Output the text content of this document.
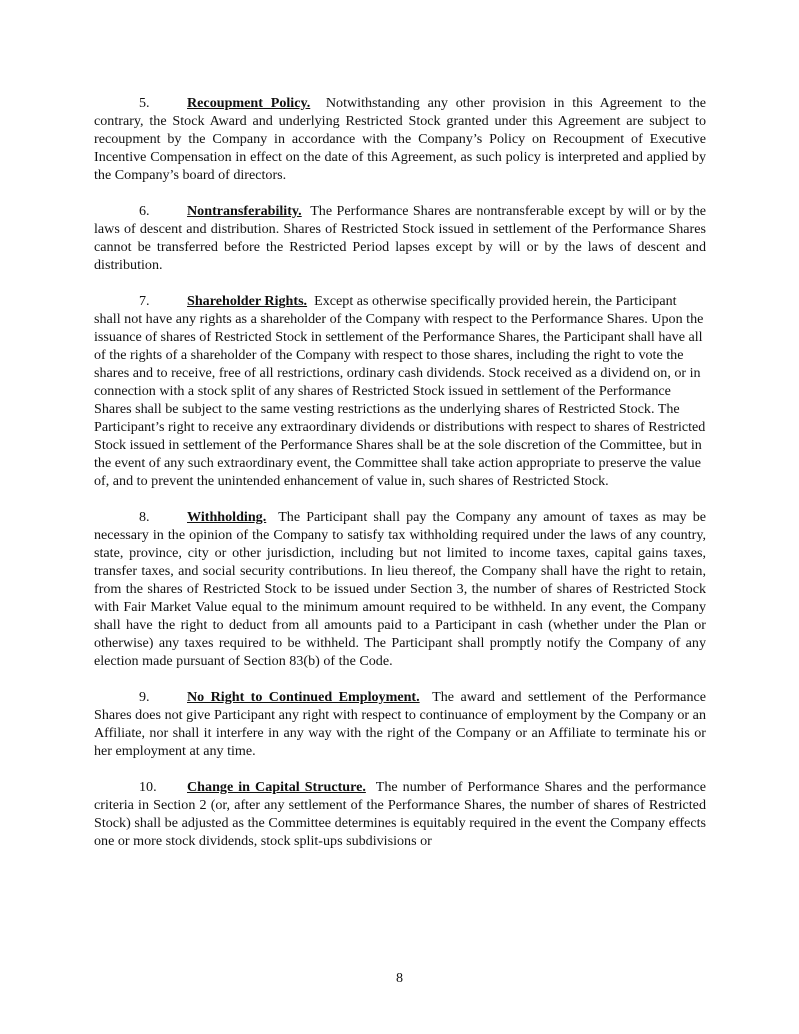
5.	Recoupment Policy. Notwithstanding any other provision in this Agreement to the contrary, the Stock Award and underlying Restricted Stock granted under this Agreement are subject to recoupment by the Company in accordance with the Company’s Policy on Recoupment of Executive Incentive Compensation in effect on the date of this Agreement, as such policy is interpreted and applied by the Company’s board of directors.

6.	Nontransferability. The Performance Shares are nontransferable except by will or by the laws of descent and distribution. Shares of Restricted Stock issued in settlement of the Performance Shares cannot be transferred before the Restricted Period lapses except by will or by the laws of descent and distribution.

7.	Shareholder Rights. Except as otherwise specifically provided herein, the Participant shall not have any rights as a shareholder of the Company with respect to the Performance Shares. Upon the issuance of shares of Restricted Stock in settlement of the Performance Shares, the Participant shall have all of the rights of a shareholder of the Company with respect to those shares, including the right to vote the shares and to receive, free of all restrictions, ordinary cash dividends. Stock received as a dividend on, or in connection with a stock split of any shares of Restricted Stock issued in settlement of the Performance Shares shall be subject to the same vesting restrictions as the underlying shares of Restricted Stock. The Participant’s right to receive any extraordinary dividends or distributions with respect to shares of Restricted Stock issued in settlement of the Performance Shares shall be at the sole discretion of the Committee, but in the event of any such extraordinary event, the Committee shall take action appropriate to preserve the value of, and to prevent the unintended enhancement of value in, such shares of Restricted Stock.

8.	Withholding. The Participant shall pay the Company any amount of taxes as may be necessary in the opinion of the Company to satisfy tax withholding required under the laws of any country, state, province, city or other jurisdiction, including but not limited to income taxes, capital gains taxes, transfer taxes, and social security contributions. In lieu thereof, the Company shall have the right to retain, from the shares of Restricted Stock to be issued under Section 3, the number of shares of Restricted Stock with Fair Market Value equal to the minimum amount required to be withheld. In any event, the Company shall have the right to deduct from all amounts paid to a Participant in cash (whether under the Plan or otherwise) any taxes required to be withheld. The Participant shall promptly notify the Company of any election made pursuant of Section 83(b) of the Code.

9.	No Right to Continued Employment. The award and settlement of the Performance Shares does not give Participant any right with respect to continuance of employment by the Company or an Affiliate, nor shall it interfere in any way with the right of the Company or an Affiliate to terminate his or her employment at any time.

10. Change in Capital Structure. The number of Performance Shares and the performance criteria in Section 2 (or, after any settlement of the Performance Shares, the number of shares of Restricted Stock) shall be adjusted as the Committee determines is equitably required in the event the Company effects one or more stock dividends, stock split-ups subdivisions or

8
